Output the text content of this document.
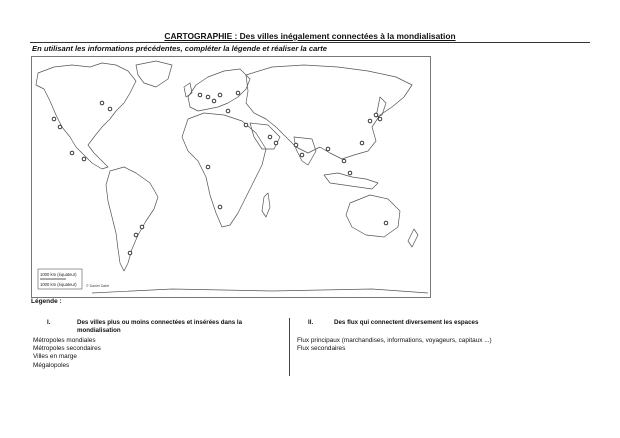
CARTOGRAPHIE : Des villes inégalement connectées à la mondialisation
En utilisant les informations précédentes, compléter la légende et réaliser la carte
1000 km (équateur)
1000 km (équateur)	© Daniel Dalet
Légende :
I.	Des villes plus ou moins connectées et insérées dans la mondialisation
Métropoles mondiales
Métropoles secondaires
Villes en marge
Mégalopoles
II.	Des flux qui connectent diversement les espaces
Flux principaux (marchandises, informations, voyageurs, capitaux ...)
Flux secondaires
